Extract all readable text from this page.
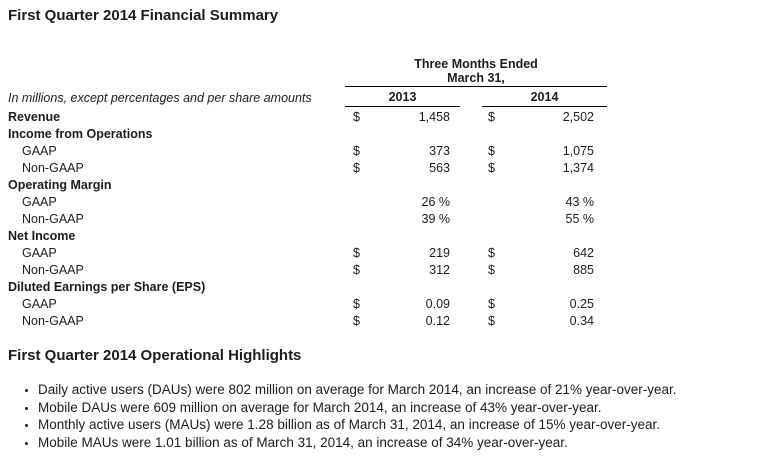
First Quarter 2014 Financial Summary
Three Months Ended
March 31,
In millions, except percentages and per share amounts	2013	2014
Revenue	$	1,458	$	2,502
Income from Operations
GAAP	$	373	$	1,075
Non-GAAP	$	563	$	1,374
Operating Margin
GAAP	26 %	43 %
Non-GAAP	39 %	55 %
Net Income
GAAP	$	219	$	642
Non-GAAP	$	312	$	885
Diluted Earnings per Share (EPS)
GAAP	$	0.09	$	0.25
Non-GAAP	$	0.12	$	0.34
First Quarter 2014 Operational Highlights
• Daily active users (DAUs) were 802 million on average for March 2014, an increase of 21% year-over-year.
• Mobile DAUs were 609 million on average for March 2014, an increase of 43% year-over-year.
• Monthly active users (MAUs) were 1.28 billion as of March 31, 2014, an increase of 15% year-over-year.
• Mobile MAUs were 1.01 billion as of March 31, 2014, an increase of 34% year-over-year.
